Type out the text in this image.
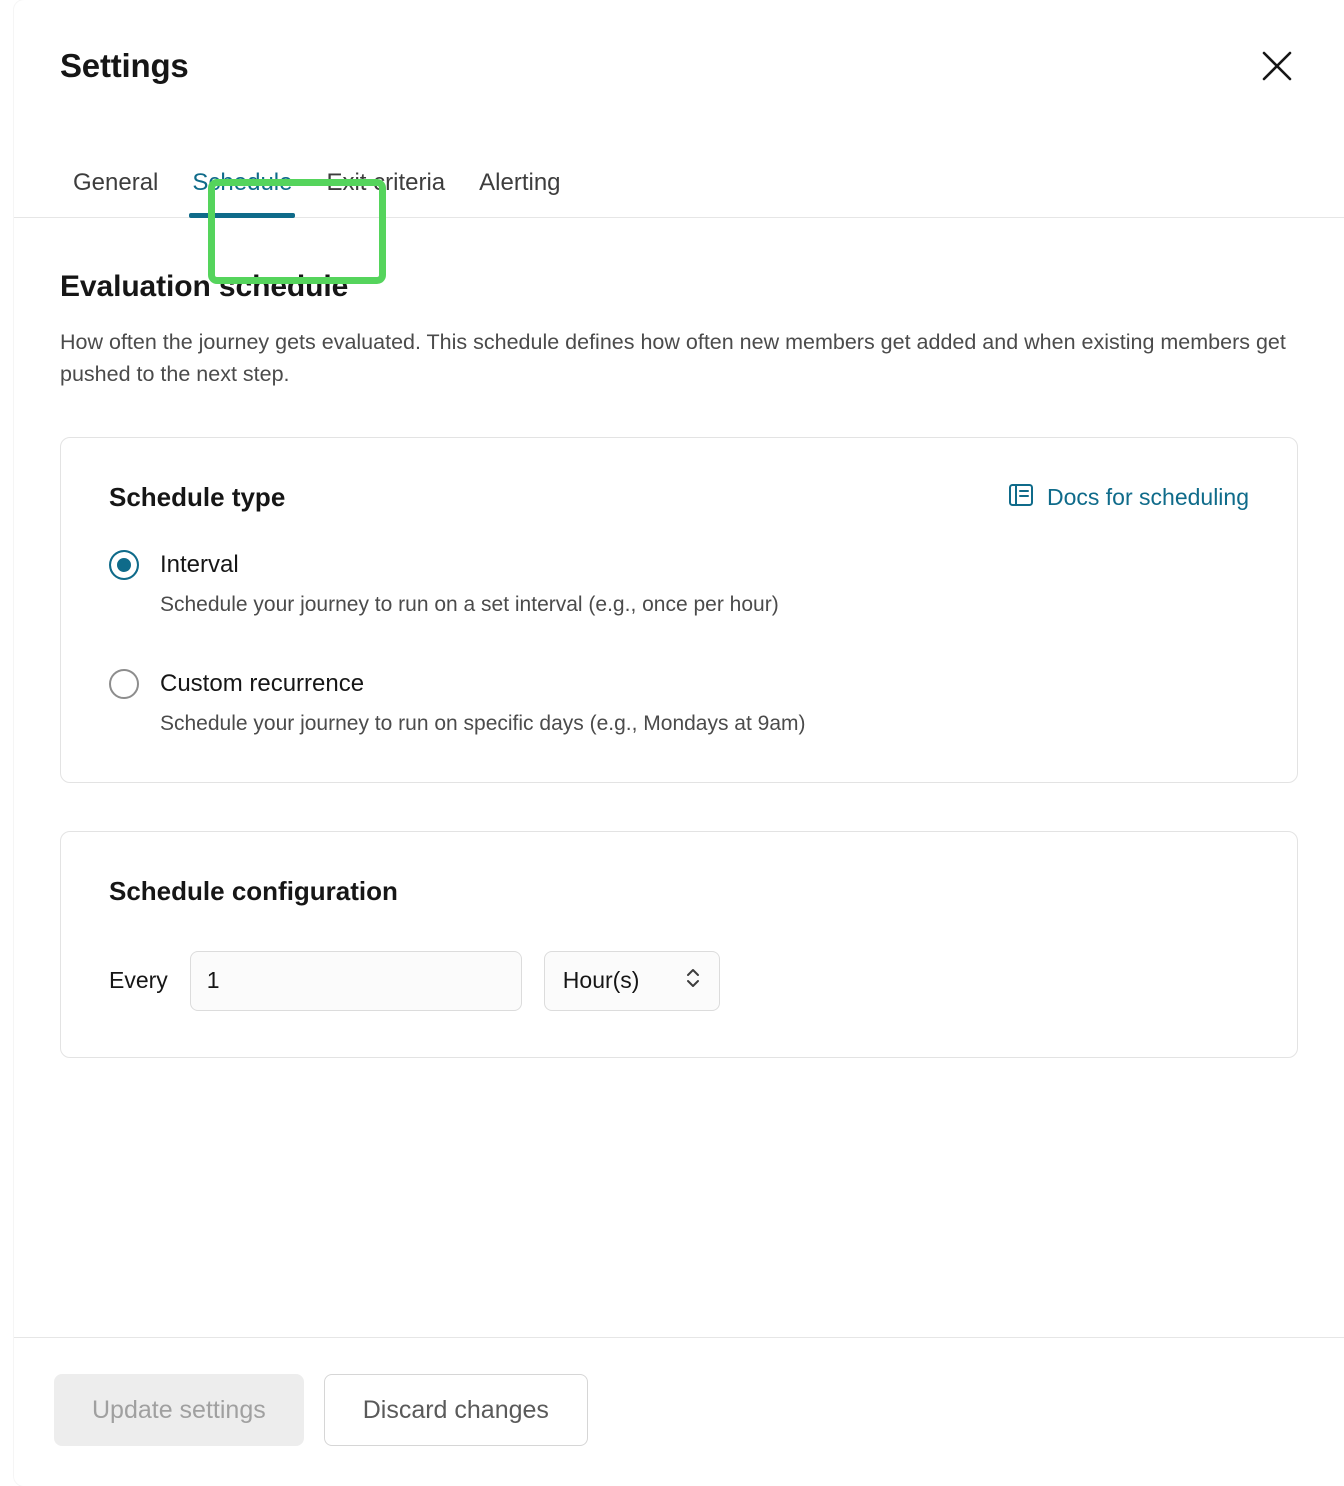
Settings
General	Schedule	Exit criteria	Alerting
Evaluation schedule

How often the journey gets evaluated. This schedule defines how often new members get added and when existing members get pushed to the next step.

Schedule type	Docs for scheduling
Interval
Schedule your journey to run on a set interval (e.g., once per hour)
Custom recurrence
Schedule your journey to run on specific days (e.g., Mondays at 9am)
Schedule configuration
Every
1	Hour(s)
Update settings	Discard changes
